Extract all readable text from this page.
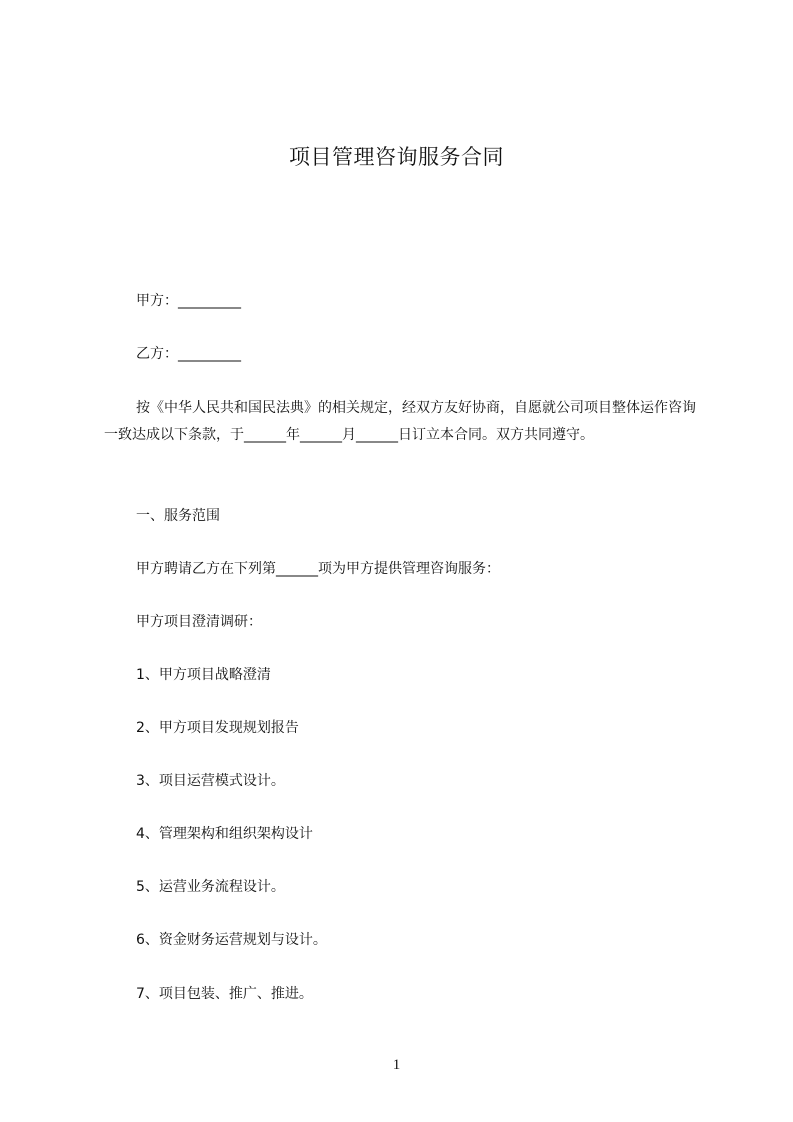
项目管理咨询服务合同
甲方：_________
乙方：_________
按《中华人民共和国民法典》的相关规定，经双方友好协商，自愿就公司项目整体运作咨询一致达成以下条款，于______年______月______日订立本合同。双方共同遵守。
一、服务范围
甲方聘请乙方在下列第______项为甲方提供管理咨询服务：
甲方项目澄清调研：
1、甲方项目战略澄清
2、甲方项目发现规划报告
3、项目运营模式设计。
4、管理架构和组织架构设计
5、运营业务流程设计。
6、资金财务运营规划与设计。
7、项目包装、推广、推进。
1
